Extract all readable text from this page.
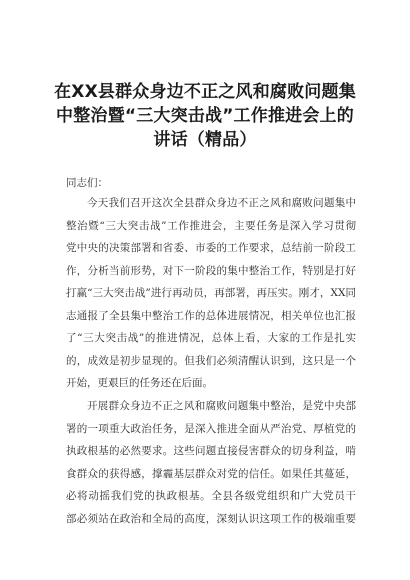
在XX县群众身边不正之风和腐败问题集
中整治暨“三大突击战”工作推进会上的
讲话（精品）
同志们：
今天我们召开这次全县群众身边不正之风和腐败问题集中
整治暨“三大突击战”工作推进会，主要任务是深入学习贯彻
党中央的决策部署和省委、市委的工作要求，总结前一阶段工
作，分析当前形势，对下一阶段的集中整治工作，特别是打好
打赢“三大突击战”进行再动员，再部署，再压实。刚才，XX同
志通报了全县集中整治工作的总体进展情况，相关单位也汇报
了“三大突击战”的推进情况，总体上看，大家的工作是扎实
的，成效是初步显现的。但我们必须清醒认识到，这只是一个
开始，更艰巨的任务还在后面。
开展群众身边不正之风和腐败问题集中整治，是党中央部
署的一项重大政治任务，是深入推进全面从严治党、厚植党的
执政根基的必然要求。这些问题直接侵害群众的切身利益，啃
食群众的获得感，撑霾基层群众对党的信任。如果任其蔓延，
必将动摇我们党的执政根基。全县各级党组织和广大党员干
部必须站在政治和全局的高度，深刻认识这项工作的极端重要
